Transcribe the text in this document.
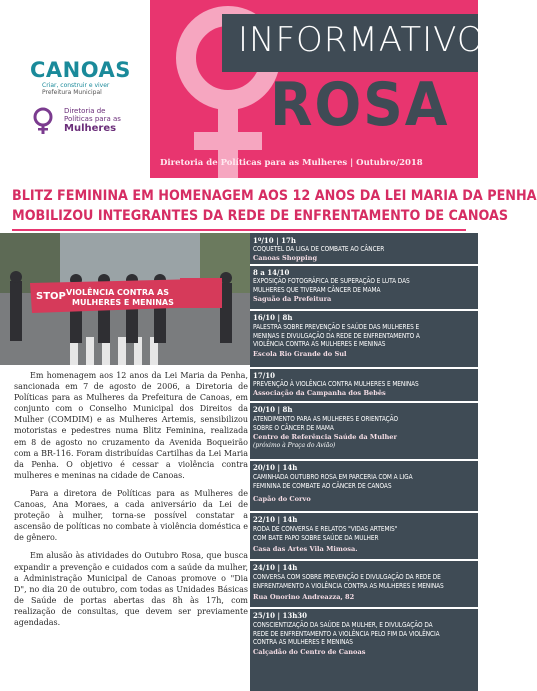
INFORMATIVO
ROSA
Diretoria de Políticas para as Mulheres | Outubro/2018
CANOAS
Criar, construir e viver
Prefeitura Municipal
Diretoria de
Políticas para as
Mulheres
BLITZ FEMININA EM HOMENAGEM AOS 12 ANOS DA LEI MARIA DA PENHA
MOBILIZOU INTEGRANTES DA REDE DE ENFRENTAMENTO DE CANOAS
STOP VIOLÊNCIA CONTRA AS
MULHERES E MENINAS

Em homenagem aos 12 anos da Lei Maria da Penha, sancionada em 7 de agosto de 2006, a Diretoria de Políticas para as Mulheres da Prefeitura de Canoas, em conjunto com o Conselho Municipal dos Direitos da Mulher (COMDIM) e as Mulheres Artemis, sensibilizou motoristas e pedestres numa Blitz Feminina, realizada em 8 de agosto no cruzamento da Avenida Boqueirão com a BR-116. Foram distribuídas Cartilhas da Lei Maria da Penha. O objetivo é cessar a violência contra mulheres e meninas na cidade de Canoas.

Para a diretora de Políticas para as Mulheres de Canoas, Ana Moraes, a cada aniversário da Lei de proteção à mulher, torna-se possível constatar a ascensão de políticas no combate à violência doméstica e de gênero.

Em alusão às atividades do Outubro Rosa, que busca expandir a prevenção e cuidados com a saúde da mulher, a Administração Municipal de Canoas promove o "Dia D", no dia 20 de outubro, com todas as Unidades Básicas de Saúde de portas abertas das 8h às 17h, com realização de consultas, que devem ser previamente agendadas.

1º/10 | 17h
COQUETEL DA LIGA DE COMBATE AO CÂNCER
Canoas Shopping
8 a 14/10
EXPOSIÇÃO FOTOGRÁFICA DE SUPERAÇÃO E LUTA DAS
MULHERES QUE TIVERAM CÂNCER DE MAMA
Saguão da Prefeitura
16/10 | 8h
PALESTRA SOBRE PREVENÇÃO E SAÚDE DAS MULHERES E
MENINAS E DIVULGAÇÃO DA REDE DE ENFRENTAMENTO A
VIOLÊNCIA CONTRA AS MULHERES E MENINAS
Escola Rio Grande do Sul
17/10
PREVENÇÃO À VIOLÊNCIA CONTRA MULHERES E MENINAS
Associação da Campanha dos Bebês
20/10 | 8h
ATENDIMENTO PARA AS MULHERES E ORIENTAÇÃO
SOBRE O CÂNCER DE MAMA
Centro de Referência Saúde da Mulher
(próximo à Praça do Avião)
20/10 | 14h
CAMINHADA OUTUBRO ROSA EM PARCERIA COM A LIGA
FEMININA DE COMBATE AO CÂNCER DE CANOAS
Capão do Corvo
22/10 | 14h
RODA DE CONVERSA E RELATOS "VIDAS ARTEMIS"
COM BATE PAPO SOBRE SAÚDE DA MULHER
Casa das Artes Vila Mimosa.
24/10 | 14h
CONVERSA COM SOBRE PREVENÇÃO E DIVULGAÇÃO DA REDE DE
ENFRENTAMENTO A VIOLÊNCIA CONTRA AS MULHERES E MENINAS
Rua Onorino Andreazza, 82
25/10 | 13h30
CONSCIENTIZAÇÃO DA SAÚDE DA MULHER, E DIVULGAÇÃO DA
REDE DE ENFRENTAMENTO A VIOLÊNCIA PELO FIM DA VIOLÊNCIA
CONTRA AS MULHERES E MENINAS
Calçadão do Centro de Canoas
